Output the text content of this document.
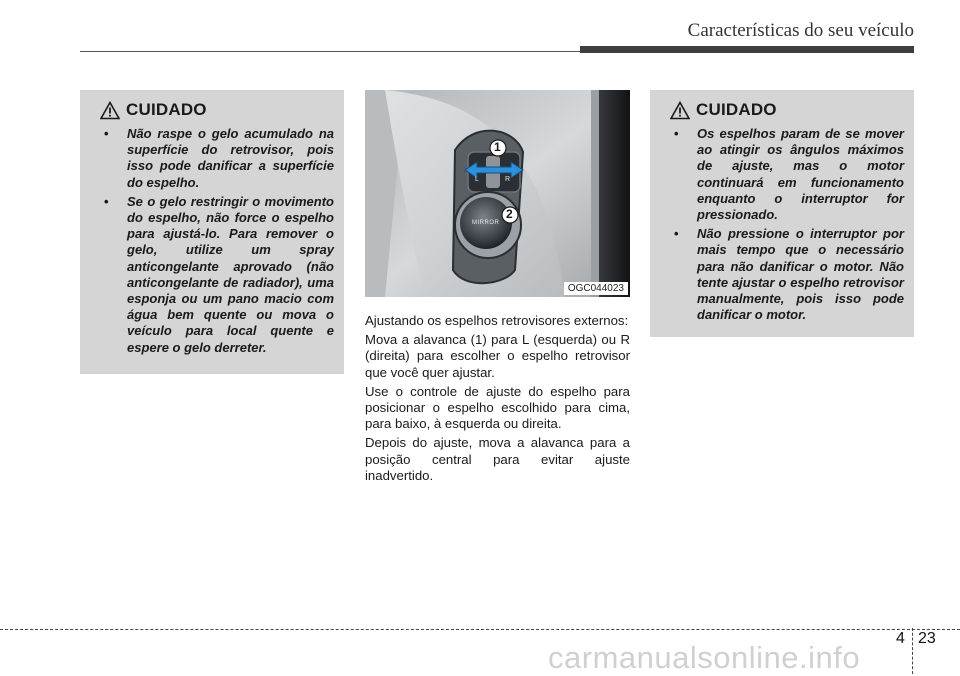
Características do seu veículo
CUIDADO
• Não raspe o gelo acumulado na superfície do retrovisor, pois isso pode danificar a superfície do espelho.
• Se o gelo restringir o movimento do espelho, não force o espelho para ajustá-lo. Para remover o gelo, utilize um spray anticongelante aprovado (não anticongelante de radiador), uma esponja ou um pano macio com água bem quente ou mova o veículo para local quente e espere o gelo derreter.
1
2
L	R
MIRROR
OGC044023

Ajustando os espelhos retrovisores externos:

Mova a alavanca (1) para L (esquerda) ou R (direita) para escolher o espelho retrovisor que você quer ajustar.

Use o controle de ajuste do espelho para posicionar o espelho escolhido para cima, para baixo, à esquerda ou direita.

Depois do ajuste, mova a alavanca para a posição central para evitar ajuste inadvertido.

CUIDADO
• Os espelhos param de se mover ao atingir os ângulos máximos de ajuste, mas o motor continuará em funcionamento enquanto o interruptor for pressionado.
• Não pressione o interruptor por mais tempo que o necessário para não danificar o motor. Não tente ajustar o espelho retrovisor manualmente, pois isso pode danificar o motor.
4 23
carmanualsonline.info
